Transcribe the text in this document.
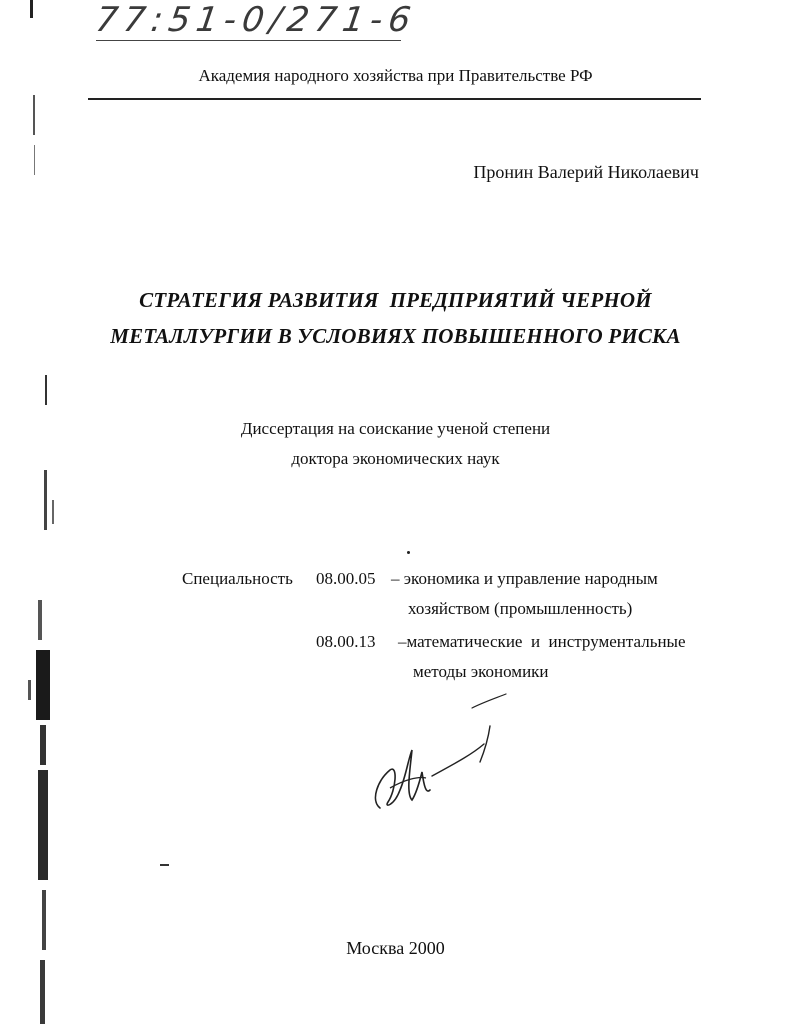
77:51-0/271-6
Академия народного хозяйства при Правительстве РФ
Пронин Валерий Николаевич
СТРАТЕГИЯ РАЗВИТИЯ  ПРЕДПРИЯТИЙ ЧЕРНОЙ
МЕТАЛЛУРГИИ В УСЛОВИЯХ ПОВЫШЕННОГО РИСКА
Диссертация на соискание ученой степени
доктора экономических наук
Специальность 08.00.05 – экономика и управление народным
хозяйством (промышленность)
08.00.13 –математические  и  инструментальные
методы экономики
Москва 2000
